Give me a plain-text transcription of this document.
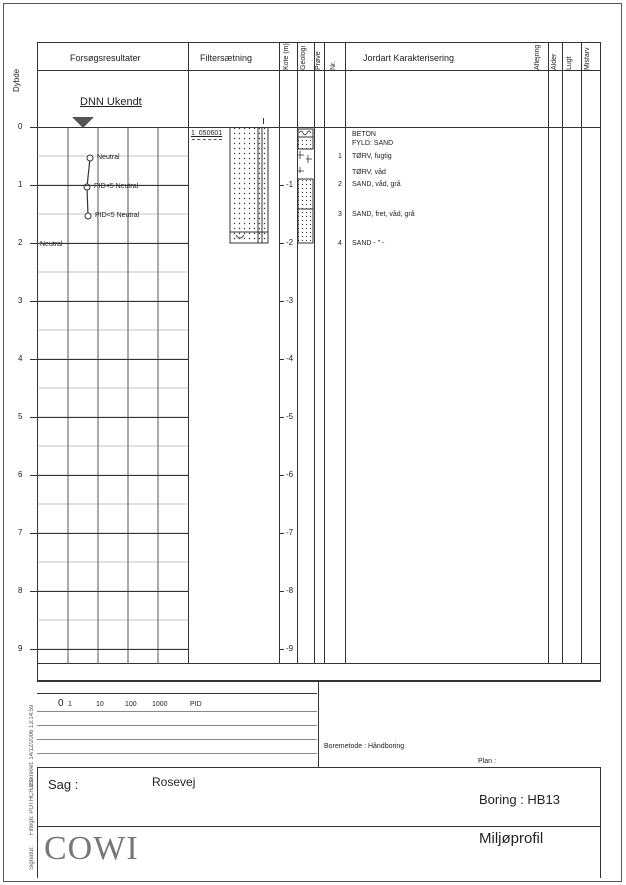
Dybde
Forsøgsresultater	Filtersætning	Kote (m) Geologi Prøve Nr.
Jordart Karakterisering	Aflejring Alder Lugt Misfarv
DNN Ukendt
Neutral
PID<5 Neutral
PID<5 Neutral
Neutral
0
1
2
3
4
5
6
7
8
9
-1
-2
-3
-4
-5
-6
-7
-8
-9
1_050601	BETON
FYLD: SAND
1 TØRV, fugtig
TØRV, våd
2 SAND, våd, grå
3 SAND, fret, våd, grå
4 SAND - " -
0 1	10	100 1000	PID
Boremetode : Håndboring
Plan :
Sag :	Rosevej
Boring : HB13
COWI	Miljøprofil
Udskrevet: 14/12/2006 13:14:59
Filtegn: POTHCH 2.0
Signatur:
